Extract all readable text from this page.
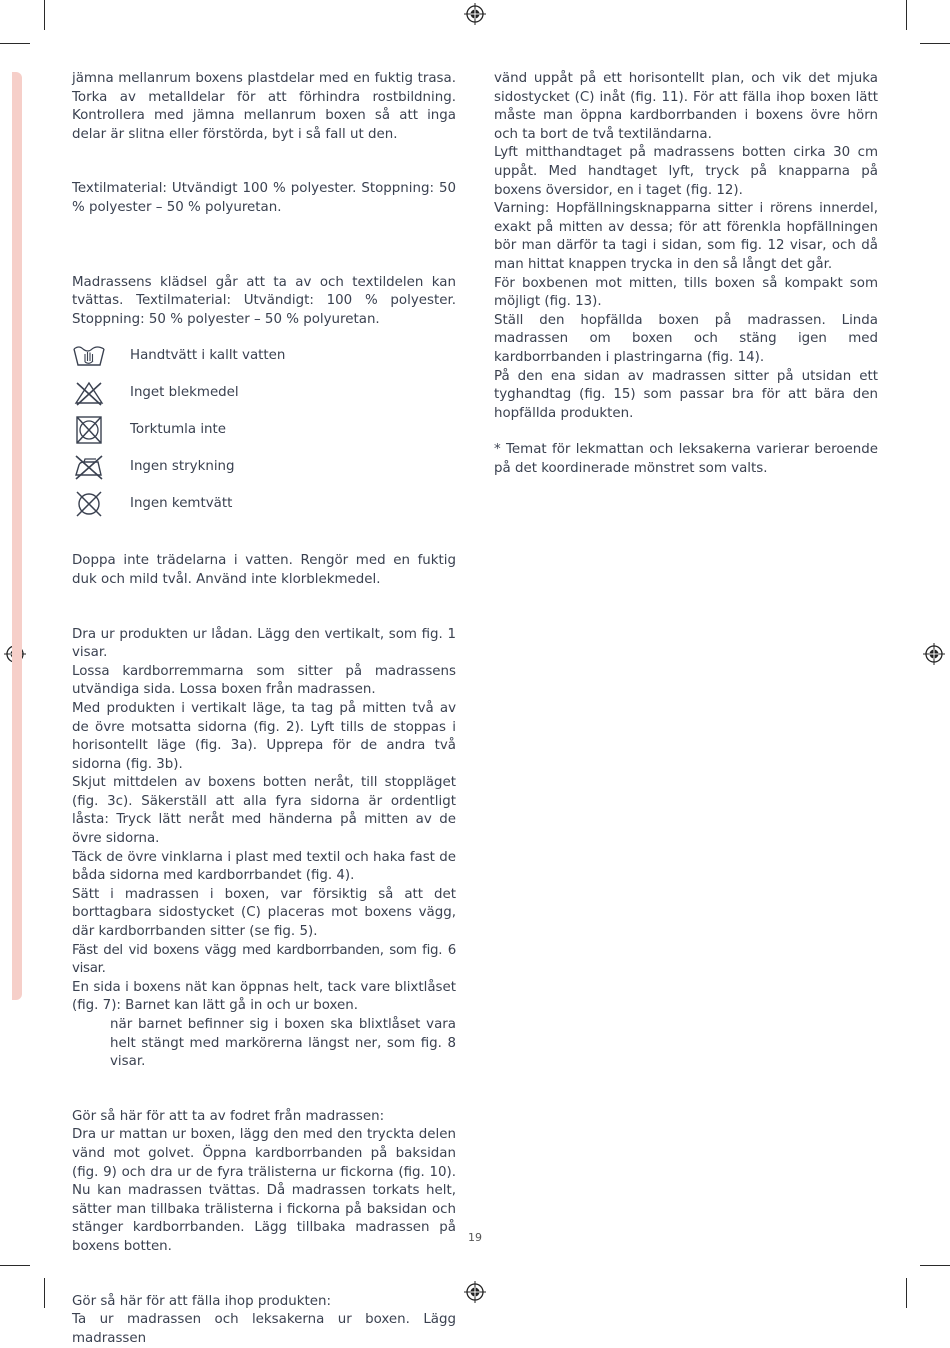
jämna mellanrum boxens plastdelar med en fuktig trasa. Torka av metalldelar för att förhindra rostbildning. Kontrollera med jämna mellanrum boxen så att inga delar är slitna eller förstörda, byt i så fall ut den.

Textilmaterial: Utvändigt 100 % polyester. Stoppning: 50 % polyester – 50 % polyuretan.

Madrassens klädsel går att ta av och textildelen kan tvättas. Textilmaterial: Utvändigt: 100 % polyester. Stoppning: 50 % polyester – 50 % polyuretan.

Handtvätt i kallt vatten
Inget blekmedel
Torktumla inte
Ingen strykning
Ingen kemtvätt

Doppa inte trädelarna i vatten. Rengör med en fuktig duk och mild tvål. Använd inte klorblekmedel.

Dra ur produkten ur lådan. Lägg den vertikalt, som fig. 1 visar.

Lossa kardborremmarna som sitter på madrassens utvändiga sida. Lossa boxen från madrassen.

Med produkten i vertikalt läge, ta tag på mitten två av de övre motsatta sidorna (fig. 2). Lyft tills de stoppas i horisontellt läge (fig. 3a). Upprepa för de andra två sidorna (fig. 3b).

Skjut mittdelen av boxens botten neråt, till stoppläget (fig. 3c). Säkerställ att alla fyra sidorna är ordentligt låsta: Tryck lätt neråt med händerna på mitten av de övre sidorna.

Täck de övre vinklarna i plast med textil och haka fast de båda sidorna med kardborrbandet (fig. 4).

Sätt i madrassen i boxen, var försiktig så att det borttagbara sidostycket (C) placeras mot boxens vägg, där kardborrbanden sitter (se fig. 5).

Fäst del vid boxens vägg med kardborrbanden, som fig. 6 visar.

En sida i boxens nät kan öppnas helt, tack vare blixtlåset (fig. 7): Barnet kan lätt gå in och ur boxen.

när barnet befinner sig i boxen ska blixtlåset vara helt stängt med markörerna längst ner, som fig. 8 visar.

Gör så här för att ta av fodret från madrassen:

Dra ur mattan ur boxen, lägg den med den tryckta delen vänd mot golvet. Öppna kardborrbanden på baksidan (fig. 9) och dra ur de fyra trälisterna ur fickorna (fig. 10). Nu kan madrassen tvättas. Då madrassen torkats helt, sätter man tillbaka trälisterna i fickorna på baksidan och stänger kardborrbanden. Lägg tillbaka madrassen på boxens botten.

Gör så här för att fälla ihop produkten:

Ta ur madrassen och leksakerna ur boxen. Lägg madrassen

vänd uppåt på ett horisontellt plan, och vik det mjuka sidostycket (C) inåt (fig. 11). För att fälla ihop boxen lätt måste man öppna kardborrbanden i boxens övre hörn och ta bort de två textiländarna.

Lyft mitthandtaget på madrassens botten cirka 30 cm uppåt. Med handtaget lyft, tryck på knapparna på boxens översidor, en i taget (fig. 12).

Varning: Hopfällningsknapparna sitter i rörens innerdel, exakt på mitten av dessa; för att förenkla hopfällningen bör man därför ta tagi i sidan, som fig. 12 visar, och då man hittat knappen trycka in den så långt det går.

För boxbenen mot mitten, tills boxen så kompakt som möjligt (fig. 13).

Ställ den hopfällda boxen på madrassen. Linda madrassen om boxen och stäng igen med kardborrbanden i plastringarna (fig. 14).

På den ena sidan av madrassen sitter på utsidan ett tyghandtag (fig. 15) som passar bra för att bära den hopfällda produkten.

* Temat för lekmattan och leksakerna varierar beroende på det koordinerade mönstret som valts.

19
